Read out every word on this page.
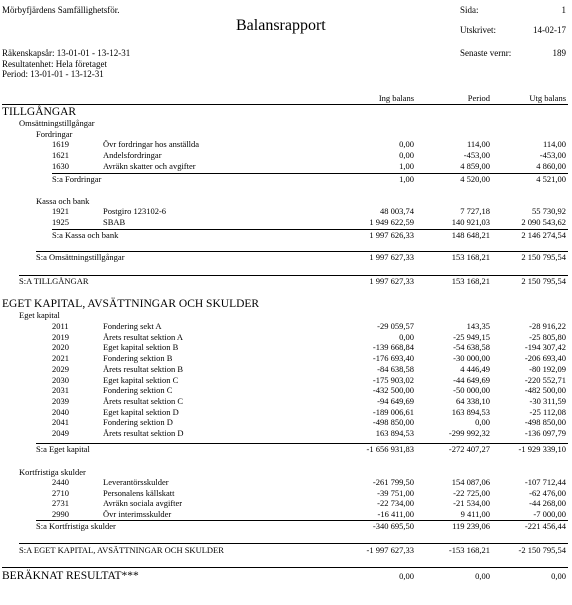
Mörbyfjärdens Samfällighetsför.
Balansrapport
Sida:	1
Utskrivet:	14-02-17
Räkenskapsår: 13-01-01 - 13-12-31
Resultatenhet: Hela företaget
Period: 13-01-01 - 13-12-31
Senaste vernr:	189
Ing balans	Period	Utg balans
TILLGÅNGAR
Omsättningstillgångar
Fordringar
1619	Övr fordringar hos anställda	0,00	114,00	114,00
1621	Andelsfordringar	0,00	-453,00	-453,00
1630	Avräkn skatter och avgifter	1,00	4 859,00	4 860,00
S:a Fordringar	1,00	4 520,00	4 521,00
Kassa och bank
1921	Postgiro 123102-6	48 003,74	7 727,18	55 730,92
1925	SBAB	1 949 622,59	140 921,03	2 090 543,62
S:a Kassa och bank	1 997 626,33	148 648,21	2 146 274,54
S:a Omsättningstillgångar	1 997 627,33	153 168,21	2 150 795,54
S:A TILLGÅNGAR	1 997 627,33	153 168,21	2 150 795,54
EGET KAPITAL, AVSÄTTNINGAR OCH SKULDER
Eget kapital
2011	Fondering sekt A	-29 059,57	143,35	-28 916,22
2019	Årets resultat sektion A	0,00	-25 949,15	-25 805,80
2020	Eget kapital sektion B	-139 668,84	-54 638,58	-194 307,42
2021	Fondering sektion B	-176 693,40	-30 000,00	-206 693,40
2029	Årets resultat sektion B	-84 638,58	4 446,49	-80 192,09
2030	Eget kapital sektion C	-175 903,02	-44 649,69	-220 552,71
2031	Fondering sektion C	-432 500,00	-50 000,00	-482 500,00
2039	Årets resultat sektion C	-94 649,69	64 338,10	-30 311,59
2040	Eget kapital sektion D	-189 006,61	163 894,53	-25 112,08
2041	Fondering sektion D	-498 850,00	0,00	-498 850,00
2049	Årets resultat sektion D	163 894,53	-299 992,32	-136 097,79
S:a Eget kapital	-1 656 931,83	-272 407,27	-1 929 339,10
Kortfristiga skulder
2440	Leverantörsskulder	-261 799,50	154 087,06	-107 712,44
2710	Personalens källskatt	-39 751,00	-22 725,00	-62 476,00
2731	Avräkn sociala avgifter	-22 734,00	-21 534,00	-44 268,00
2990	Övr interimsskulder	-16 411,00	9 411,00	-7 000,00
S:a Kortfristiga skulder	-340 695,50	119 239,06	-221 456,44
S:A EGET KAPITAL, AVSÄTTNINGAR OCH SKULDER	-1 997 627,33	-153 168,21	-2 150 795,54
BERÄKNAT RESULTAT***	0,00	0,00	0,00
